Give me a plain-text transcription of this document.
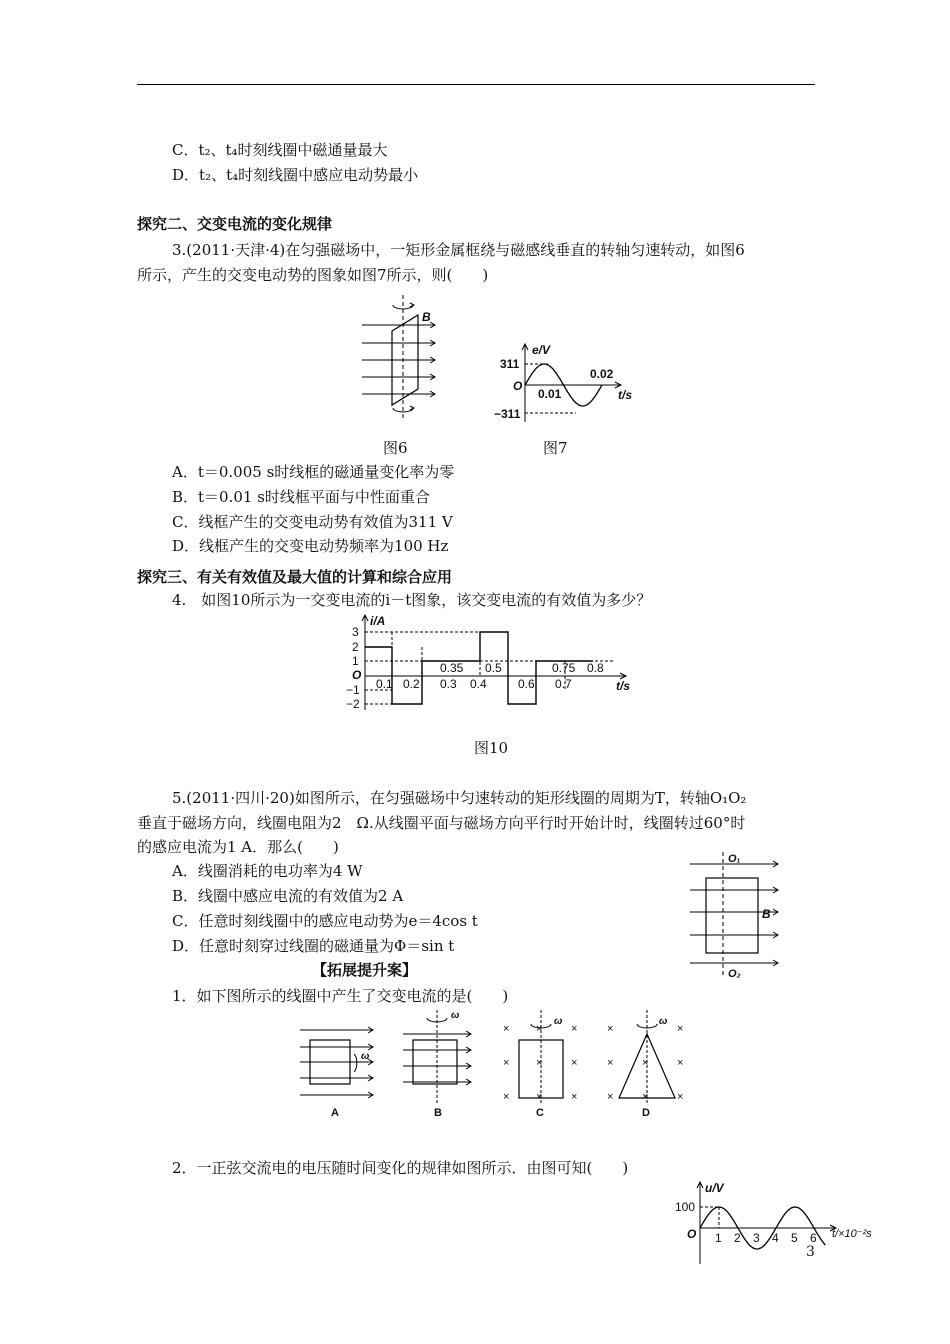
C．t₂、t₄时刻线圈中磁通量最大
D．t₂、t₄时刻线圈中感应电动势最小
探究二、交变电流的变化规律
3.(2011·天津·4)在匀强磁场中，一矩形金属框绕与磁感线垂直的转轴匀速转动，如图6
所示，产生的交变电动势的图象如图7所示，则(　　)
B
e/V
311
O
−311
0.01
0.02
t/s
图6	图7
A．t＝0.005 s时线框的磁通量变化率为零
B．t＝0.01 s时线框平面与中性面重合
C．线框产生的交变电动势有效值为311 V
D．线框产生的交变电动势频率为100 Hz
探究三、有关有效值及最大值的计算和综合应用
4.　如图10所示为一交变电流的i－t图象，该交变电流的有效值为多少？
i/A
3
2
1
O
−1
−2
0.1 0.2
0.35
0.3
0.5
0.4	0.6
0.75
0.7
0.8
t/s
图10
5.(2011·四川·20)如图所示，在匀强磁场中匀速转动的矩形线圈的周期为T，转轴O₁O₂
垂直于磁场方向，线圈电阻为2　Ω.从线圈平面与磁场方向平行时开始计时，线圈转过60°时
的感应电流为1 A．那么(　　)
A．线圈消耗的电功率为4 W
B．线圈中感应电流的有效值为2 A
C．任意时刻线圈中的感应电动势为e＝4cos t
D．任意时刻穿过线圈的磁通量为Φ＝sin t
O₁
B
O₂
【拓展提升案】
1．如下图所示的线圈中产生了交变电流的是(　　)
ω
A
ω
B
ω
× ×	×
× ×	×
× ×	×
C
ω
×	×
×	×	×
×	×	×
D
2．一正弦交流电的电压随时间变化的规律如图所示．由图可知(　　)
u/V
100
O 1 2 3 4 5 6 t/×10⁻²s
3
